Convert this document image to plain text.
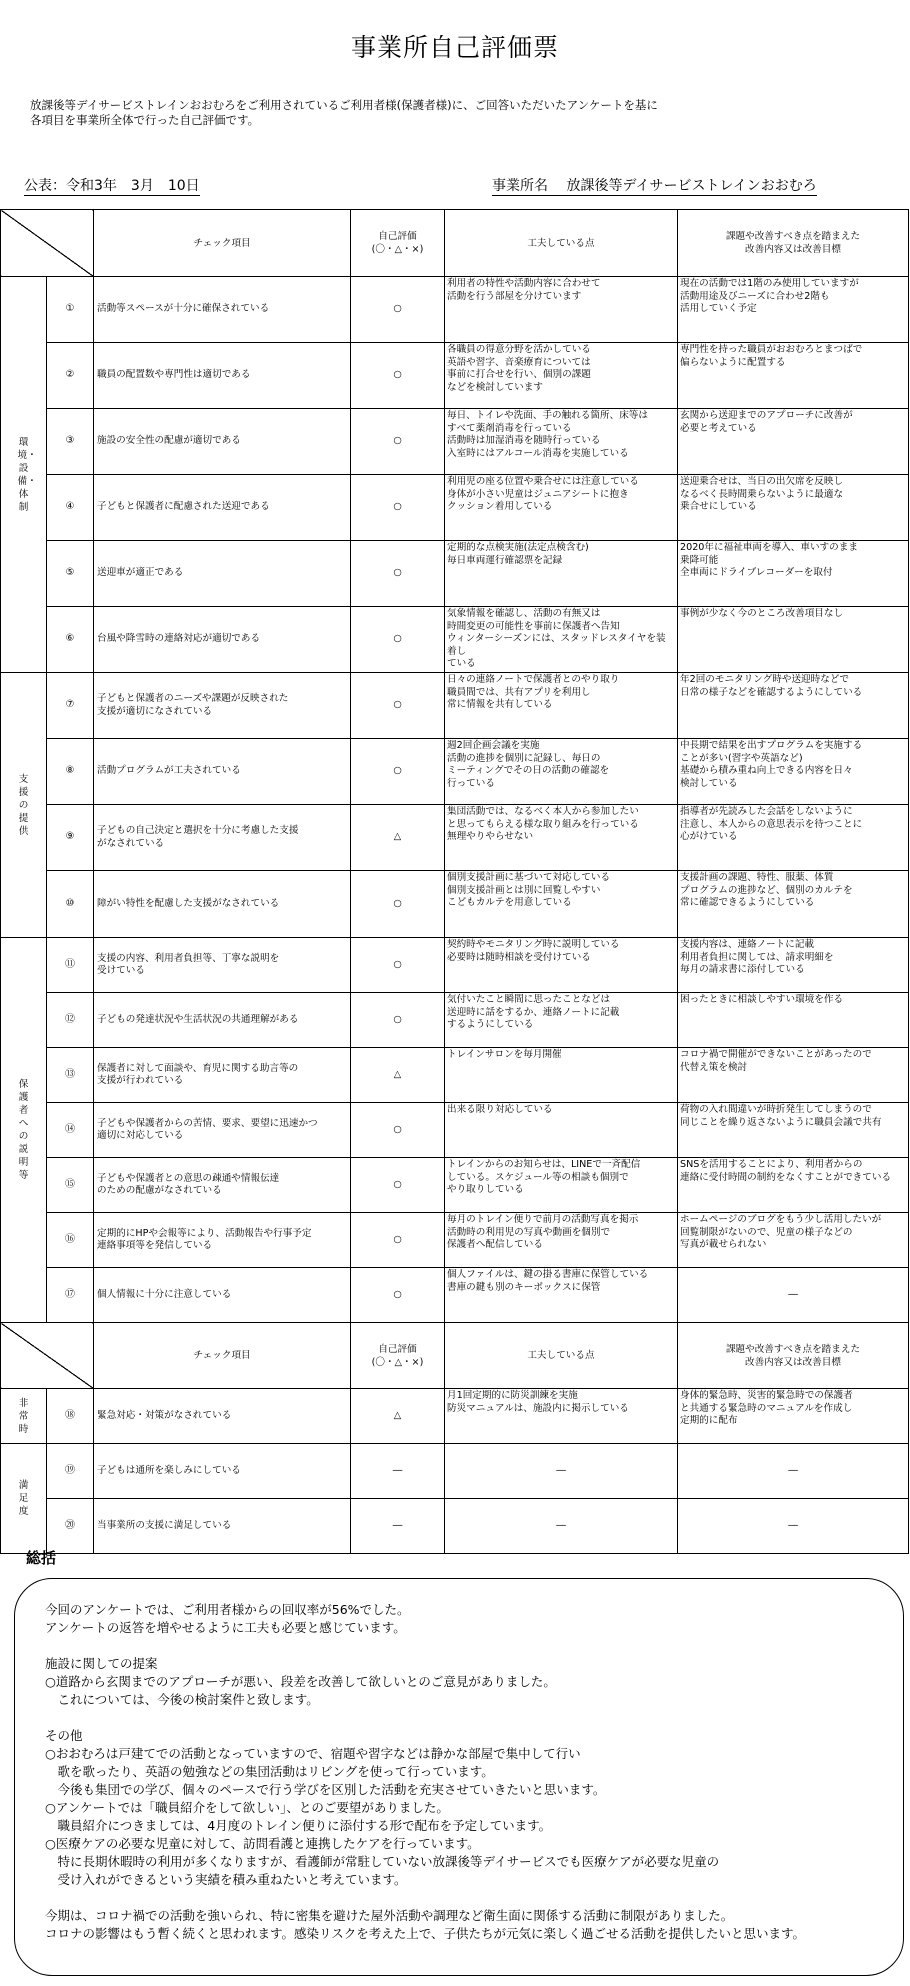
事業所自己評価票
放課後等デイサービストレインおおむろをご利用されているご利用者様(保護者様)に、ご回答いただいたアンケートを基に
各項目を事業所全体で行った自己評価です。
公表：令和3年　3月　10日	事業所名　 放課後等デイサービストレインおおむろ
		チェック項目	自己評価
(〇・△・×)	工夫している点	課題や改善すべき点を踏まえた
改善内容又は改善目標
環境・設備・体制	①	活動等スペースが十分に確保されている	○	利用者の特性や活動内容に合わせて
活動を行う部屋を分けています	現在の活動では1階のみ使用していますが
活動用途及びニーズに合わせ2階も
活用していく予定
	②	職員の配置数や専門性は適切である	○	各職員の得意分野を活かしている
英語や習字、音楽療育については
事前に打合せを行い、個別の課題
などを検討しています	専門性を持った職員がおおむろとまつばで
偏らないように配置する
	③	施設の安全性の配慮が適切である	○	毎日、トイレや洗面、手の触れる箇所、床等は
すべて薬剤消毒を行っている
活動時は加湿消毒を随時行っている
入室時にはアルコール消毒を実施している	玄関から送迎までのアプローチに改善が
必要と考えている
	④	子どもと保護者に配慮された送迎である	○	利用児の座る位置や乗合せには注意している
身体が小さい児童はジュニアシートに抱き
クッション着用している	送迎乗合せは、当日の出欠席を反映し
なるべく長時間乗らないように最適な
乗合せにしている
	⑤	送迎車が適正である	○	定期的な点検実施(法定点検含む)
毎日車両運行確認票を記録	2020年に福祉車両を導入、車いすのまま
乗降可能
全車両にドライブレコーダーを取付
	⑥	台風や降雪時の連絡対応が適切である	○	気象情報を確認し、活動の有無又は
時間変更の可能性を事前に保護者へ告知
ウィンターシーズンには、スタッドレスタイヤを装着し
ている	事例が少なく今のところ改善項目なし
支援の提供	⑦	子どもと保護者のニーズや課題が反映された
支援が適切になされている	○	日々の連絡ノートで保護者とのやり取り
職員間では、共有アプリを利用し
常に情報を共有している	年2回のモニタリング時や送迎時などで
日常の様子などを確認するようにしている
	⑧	活動プログラムが工夫されている	○	週2回企画会議を実施
活動の進捗を個別に記録し、毎日の
ミーティングでその日の活動の確認を
行っている	中長期で結果を出すプログラムを実施する
ことが多い(習字や英語など)
基礎から積み重ね向上できる内容を日々
検討している
	⑨	子どもの自己決定と選択を十分に考慮した支援
がなされている	△	集団活動では、なるべく本人から参加したい
と思ってもらえる様な取り組みを行っている
無理やりやらせない	指導者が先読みした会話をしないように
注意し、本人からの意思表示を待つことに
心がけている
	⑩	障がい特性を配慮した支援がなされている	○	個別支援計画に基づいて対応している
個別支援計画とは別に回覧しやすい
こどもカルテを用意している	支援計画の課題、特性、服薬、体質
プログラムの進捗など、個別のカルテを
常に確認できるようにしている
保護者への説明等	⑪	支援の内容、利用者負担等、丁寧な説明を
受けている	○	契約時やモニタリング時に説明している
必要時は随時相談を受付けている	支援内容は、連絡ノートに記載
利用者負担に関しては、請求明細を
毎月の請求書に添付している
	⑫	子どもの発達状況や生活状況の共通理解がある	○	気付いたこと瞬間に思ったことなどは
送迎時に話をするか、連絡ノートに記載
するようにしている	困ったときに相談しやすい環境を作る
	⑬	保護者に対して面談や、育児に関する助言等の
支援が行われている	△	トレインサロンを毎月開催	コロナ禍で開催ができないことがあったので
代替え策を検討
	⑭	子どもや保護者からの苦情、要求、要望に迅速かつ
適切に対応している	○	出来る限り対応している	荷物の入れ間違いが時折発生してしまうので
同じことを繰り返さないように職員会議で共有
	⑮	子どもや保護者との意思の疎通や情報伝達
のための配慮がなされている	○	トレインからのお知らせは、LINEで一斉配信
している。スケジュール等の相談も個別で
やり取りしている	SNSを活用することにより、利用者からの
連絡に受付時間の制約をなくすことができている
	⑯	定期的にHPや会報等により、活動報告や行事予定
連絡事項等を発信している	○	毎月のトレイン便りで前月の活動写真を掲示
活動時の利用児の写真や動画を個別で
保護者へ配信している	ホームページのブログをもう少し活用したいが
回覧制限がないので、児童の様子などの
写真が載せられない
	⑰	個人情報に十分に注意している	○	個人ファイルは、鍵の掛る書庫に保管している
書庫の鍵も別のキーボックスに保管	―
		チェック項目	自己評価
(〇・△・×)	工夫している点	課題や改善すべき点を踏まえた
改善内容又は改善目標
非常時	⑱	緊急対応・対策がなされている	△	月1回定期的に防災訓練を実施
防災マニュアルは、施設内に掲示している	身体的緊急時、災害的緊急時での保護者
と共通する緊急時のマニュアルを作成し
定期的に配布
満足度	⑲	子どもは通所を楽しみにしている	―	―	―
	⑳	当事業所の支援に満足している	―	―	―
総括
今回のアンケートでは、ご利用者様からの回収率が56%でした。
アンケートの返答を増やせるように工夫も必要と感じています。

施設に関しての提案
○道路から玄関までのアプローチが悪い、段差を改善して欲しいとのご意見がありました。
　これについては、今後の検討案件と致します。

その他
○おおむろは戸建てでの活動となっていますので、宿題や習字などは静かな部屋で集中して行い
　歌を歌ったり、英語の勉強などの集団活動はリビングを使って行っています。
　今後も集団での学び、個々のペースで行う学びを区別した活動を充実させていきたいと思います。
○アンケートでは「職員紹介をして欲しい」、とのご要望がありました。
　職員紹介につきましては、4月度のトレイン便りに添付する形で配布を予定しています。
○医療ケアの必要な児童に対して、訪問看護と連携したケアを行っています。
　特に長期休暇時の利用が多くなりますが、看護師が常駐していない放課後等デイサービスでも医療ケアが必要な児童の
　受け入れができるという実績を積み重ねたいと考えています。

今期は、コロナ禍での活動を強いられ、特に密集を避けた屋外活動や調理など衛生面に関係する活動に制限がありました。
コロナの影響はもう暫く続くと思われます。感染リスクを考えた上で、子供たちが元気に楽しく過ごせる活動を提供したいと思います。
